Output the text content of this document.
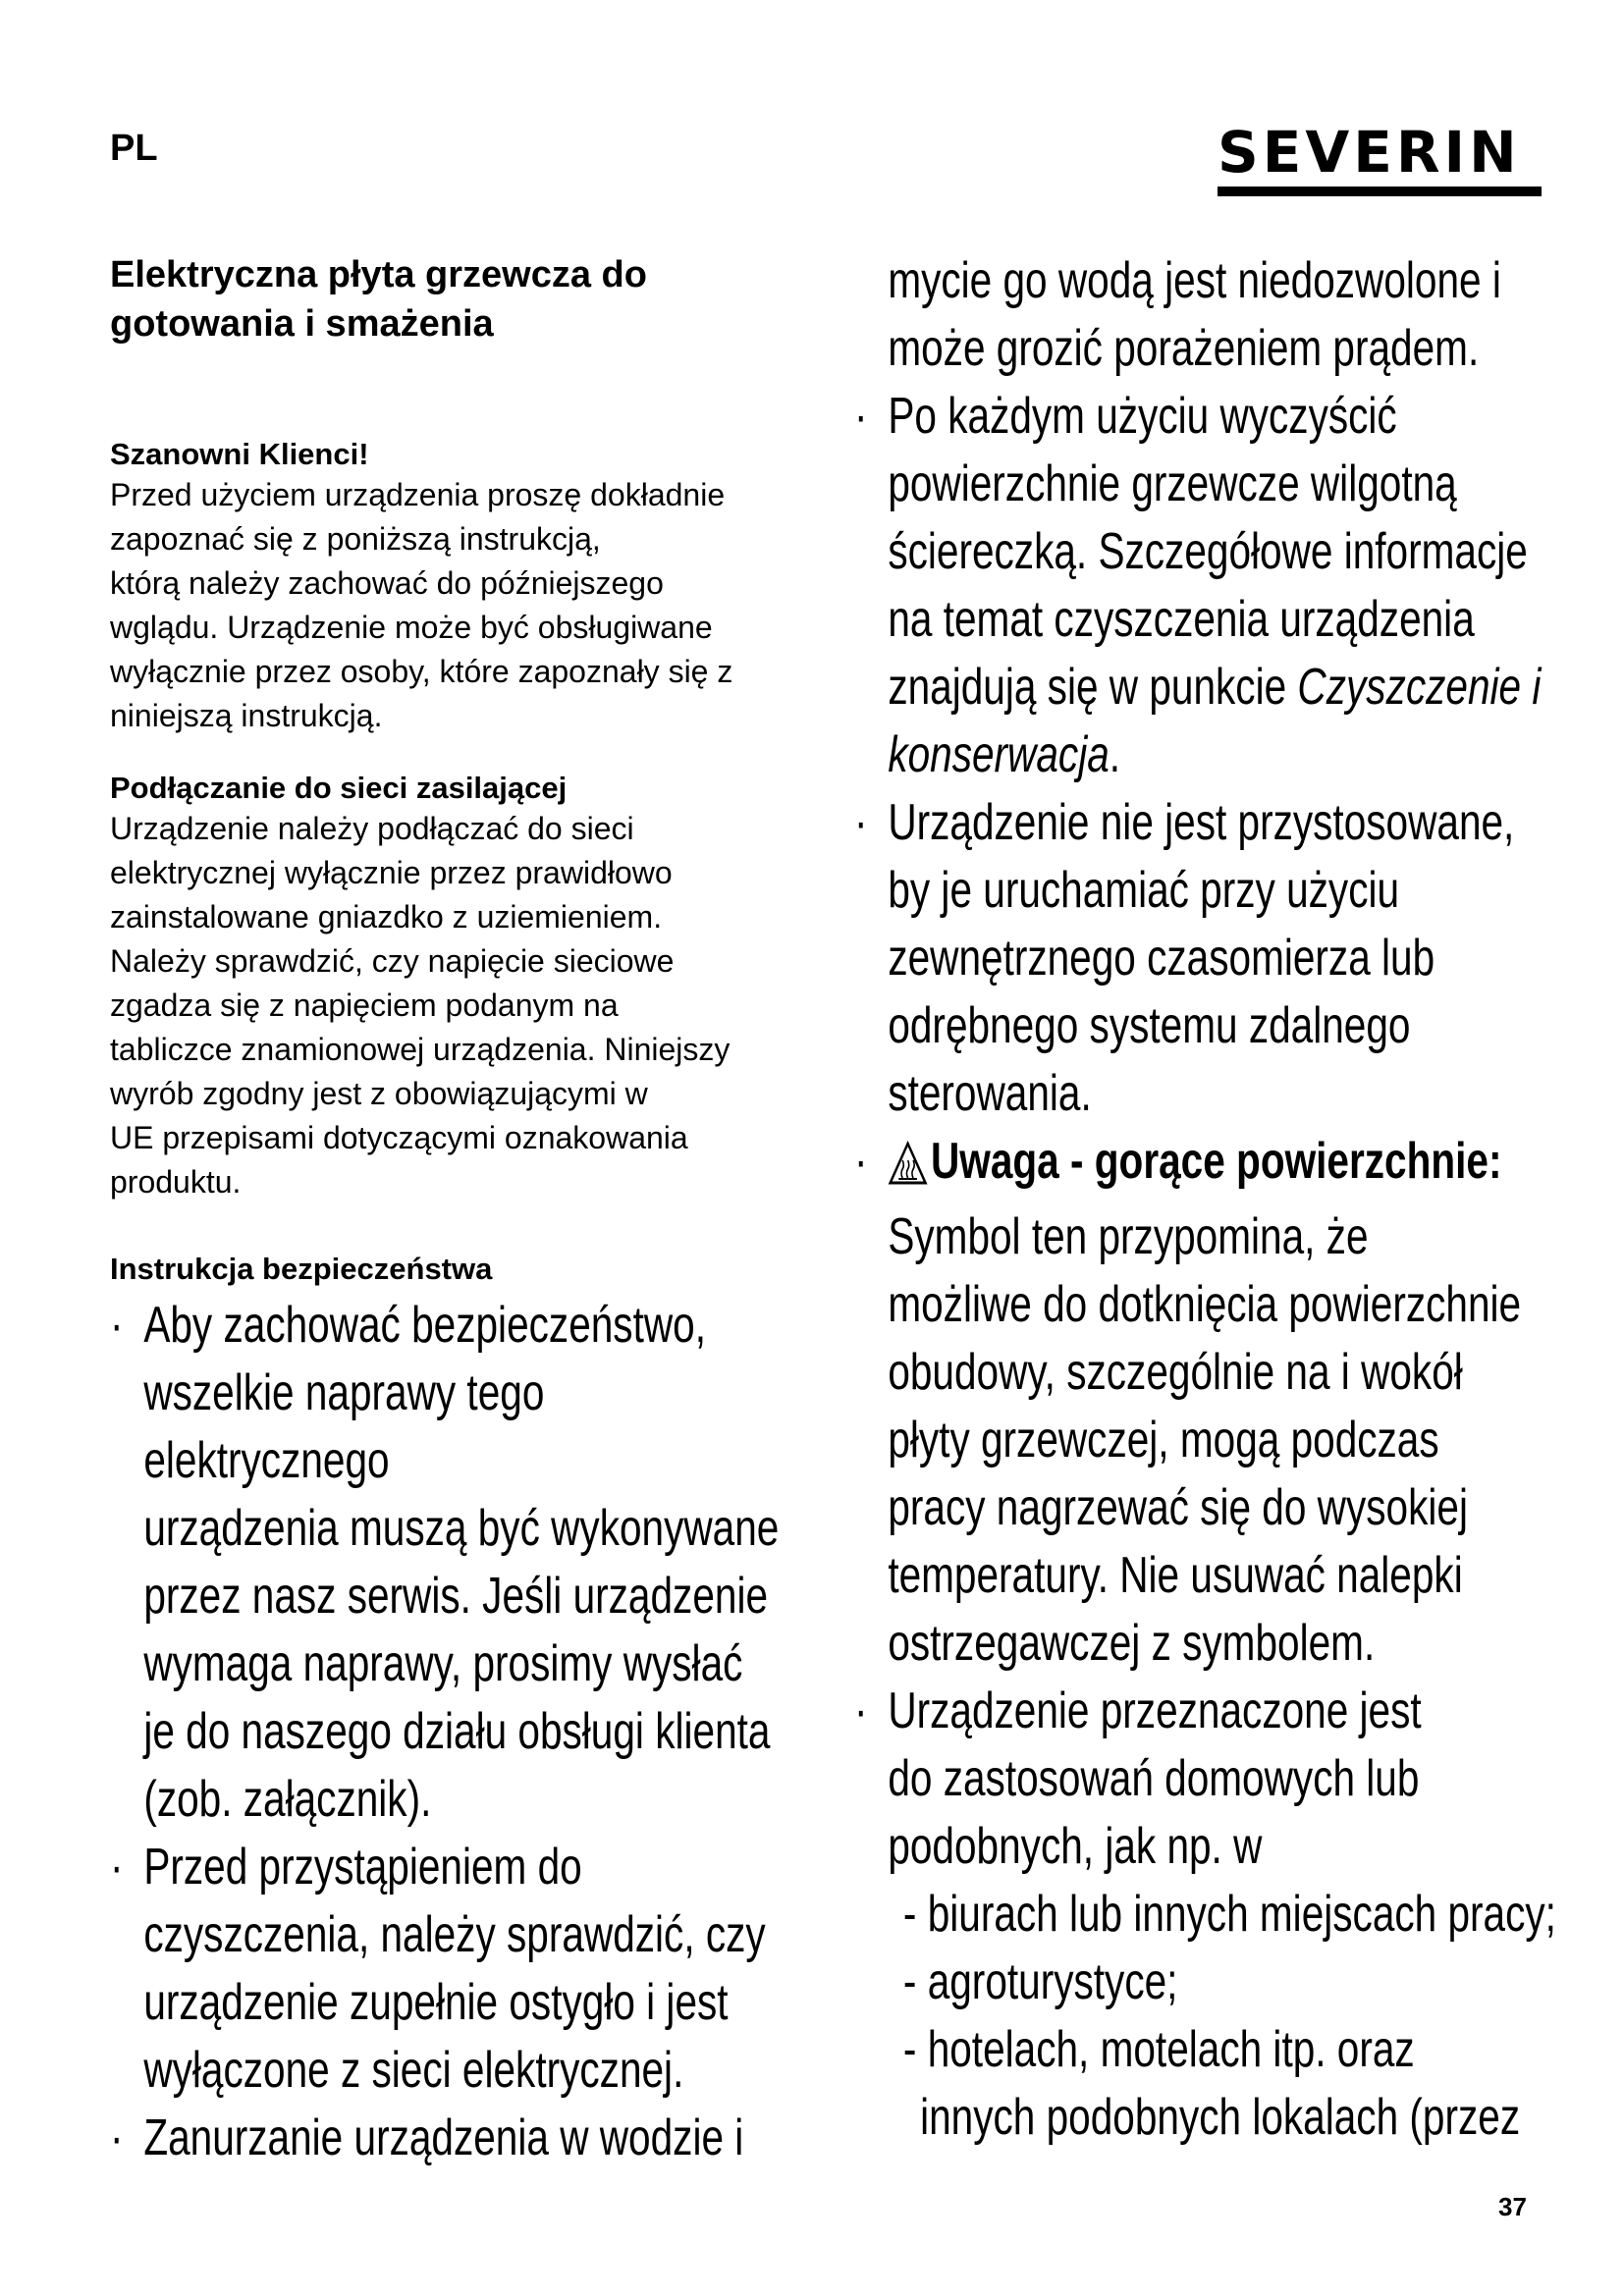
PL	SEVERIN

Elektryczna płyta grzewcza do
gotowania i smażenia

Szanowni Klienci!

Przed użyciem urządzenia proszę dokładnie
zapoznać się z poniższą instrukcją,
którą należy zachować do późniejszego
wglądu. Urządzenie może być obsługiwane
wyłącznie przez osoby, które zapoznały się z
niniejszą instrukcją.

Podłączanie do sieci zasilającej

Urządzenie należy podłączać do sieci
elektrycznej wyłącznie przez prawidłowo
zainstalowane gniazdko z uziemieniem.
Należy sprawdzić, czy napięcie sieciowe
zgadza się z napięciem podanym na
tabliczce znamionowej urządzenia. Niniejszy
wyrób zgodny jest z obowiązującymi w
UE przepisami dotyczącymi oznakowania
produktu.

Instrukcja bezpieczeństwa

· Aby zachować bezpieczeństwo,
wszelkie naprawy tego elektrycznego
urządzenia muszą być wykonywane
przez nasz serwis. Jeśli urządzenie
wymaga naprawy, prosimy wysłać
je do naszego działu obsługi klienta
(zob. załącznik).
· Przed przystąpieniem do
czyszczenia, należy sprawdzić, czy
urządzenie zupełnie ostygło i jest
wyłączone z sieci elektrycznej.
· Zanurzanie urządzenia w wodzie i
mycie go wodą jest niedozwolone i
może grozić porażeniem prądem.
· Po każdym użyciu wyczyścić
powierzchnie grzewcze wilgotną
ściereczką. Szczegółowe informacje
na temat czyszczenia urządzenia
znajdują się w punkcie Czyszczenie i
konserwacja.
· Urządzenie nie jest przystosowane,
by je uruchamiać przy użyciu
zewnętrznego czasomierza lub
odrębnego systemu zdalnego
sterowania.
· Uwaga - gorące powierzchnie:
Symbol ten przypomina, że
możliwe do dotknięcia powierzchnie
obudowy, szczególnie na i wokół
płyty grzewczej, mogą podczas
pracy nagrzewać się do wysokiej
temperatury. Nie usuwać nalepki
ostrzegawczej z symbolem.
· Urządzenie przeznaczone jest
do zastosowań domowych lub
podobnych, jak np. w
- biurach lub innych miejscach pracy;
- agroturystyce;
- hotelach, motelach itp. oraz
innych podobnych lokalach (przez
37
